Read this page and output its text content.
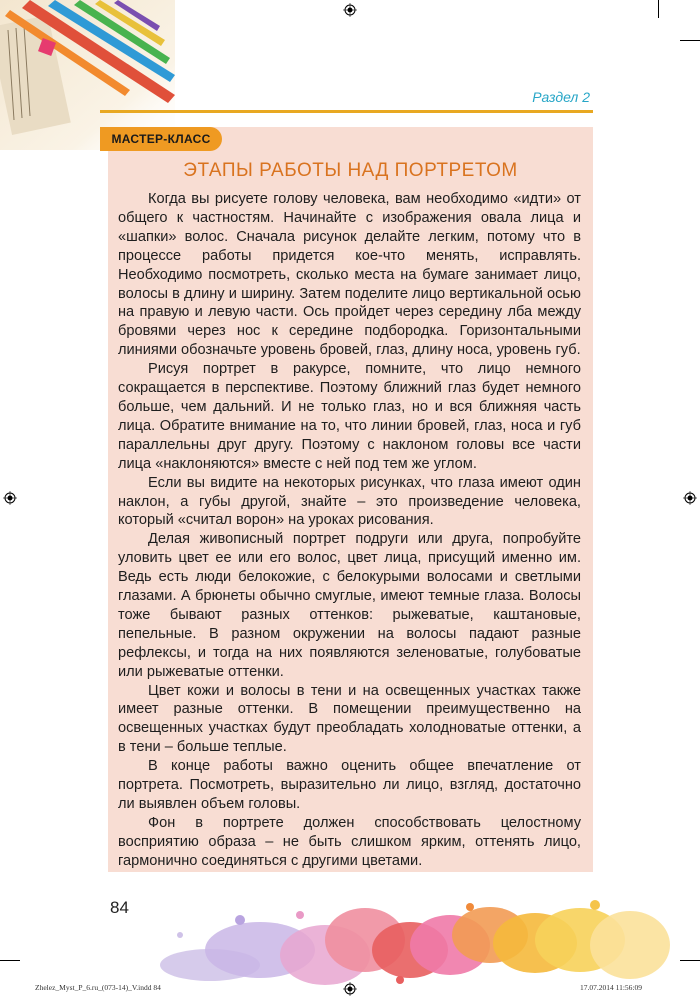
Раздел 2
МАСТЕР-КЛАСС
ЭТАПЫ РАБОТЫ НАД ПОРТРЕТОМ

Когда вы рисуете голову человека, вам необходимо «идти» от общего к частностям. Начинайте с изображения овала лица и «шапки» волос. Сначала рисунок делайте легким, потому что в процессе работы придется кое-что менять, исправлять. Необходимо посмотреть, сколько места на бумаге занимает лицо, волосы в длину и ширину. Затем поделите лицо вертикальной осью на правую и левую части. Ось пройдет через середину лба между бровями через нос к середине подбородка. Горизонтальными линиями обозначьте уровень бровей, глаз, длину носа, уровень губ.

Рисуя портрет в ракурсе, помните, что лицо немного сокращается в перспективе. Поэтому ближний глаз будет немного больше, чем дальний. И не только глаз, но и вся ближняя часть лица. Обратите внимание на то, что линии бровей, глаз, носа и губ параллельны друг другу. Поэтому с наклоном головы все части лица «наклоняются» вместе с ней под тем же углом.

Если вы видите на некоторых рисунках, что глаза имеют один наклон, а губы другой, знайте – это произведение человека, который «считал ворон» на уроках рисования.

Делая живописный портрет подруги или друга, попробуйте уловить цвет ее или его волос, цвет лица, присущий именно им. Ведь есть люди белокожие, с белокурыми волосами и светлыми глазами. А брюнеты обычно смуглые, имеют темные глаза. Волосы тоже бывают разных оттенков: рыжеватые, каштановые, пепельные. В разном окружении на волосы падают разные рефлексы, и тогда на них появляются зеленоватые, голубоватые или рыжеватые оттенки.

Цвет кожи и волосы в тени и на освещенных участках также имеет разные оттенки. В помещении преимущественно на освещенных участках будут преобладать холодноватые оттенки, а в тени – больше теплые.

В конце работы важно оценить общее впечатление от портрета. Посмотреть, выразительно ли лицо, взгляд, достаточно ли выявлен объем головы.

Фон в портрете должен способствовать целостному восприятию образа – не быть слишком ярким, оттенять лицо, гармонично соединяться с другими цветами.

84
Zhelez_Myst_P_6.ru_(073-14)_V.indd 84	17.07.2014 11:56:09
